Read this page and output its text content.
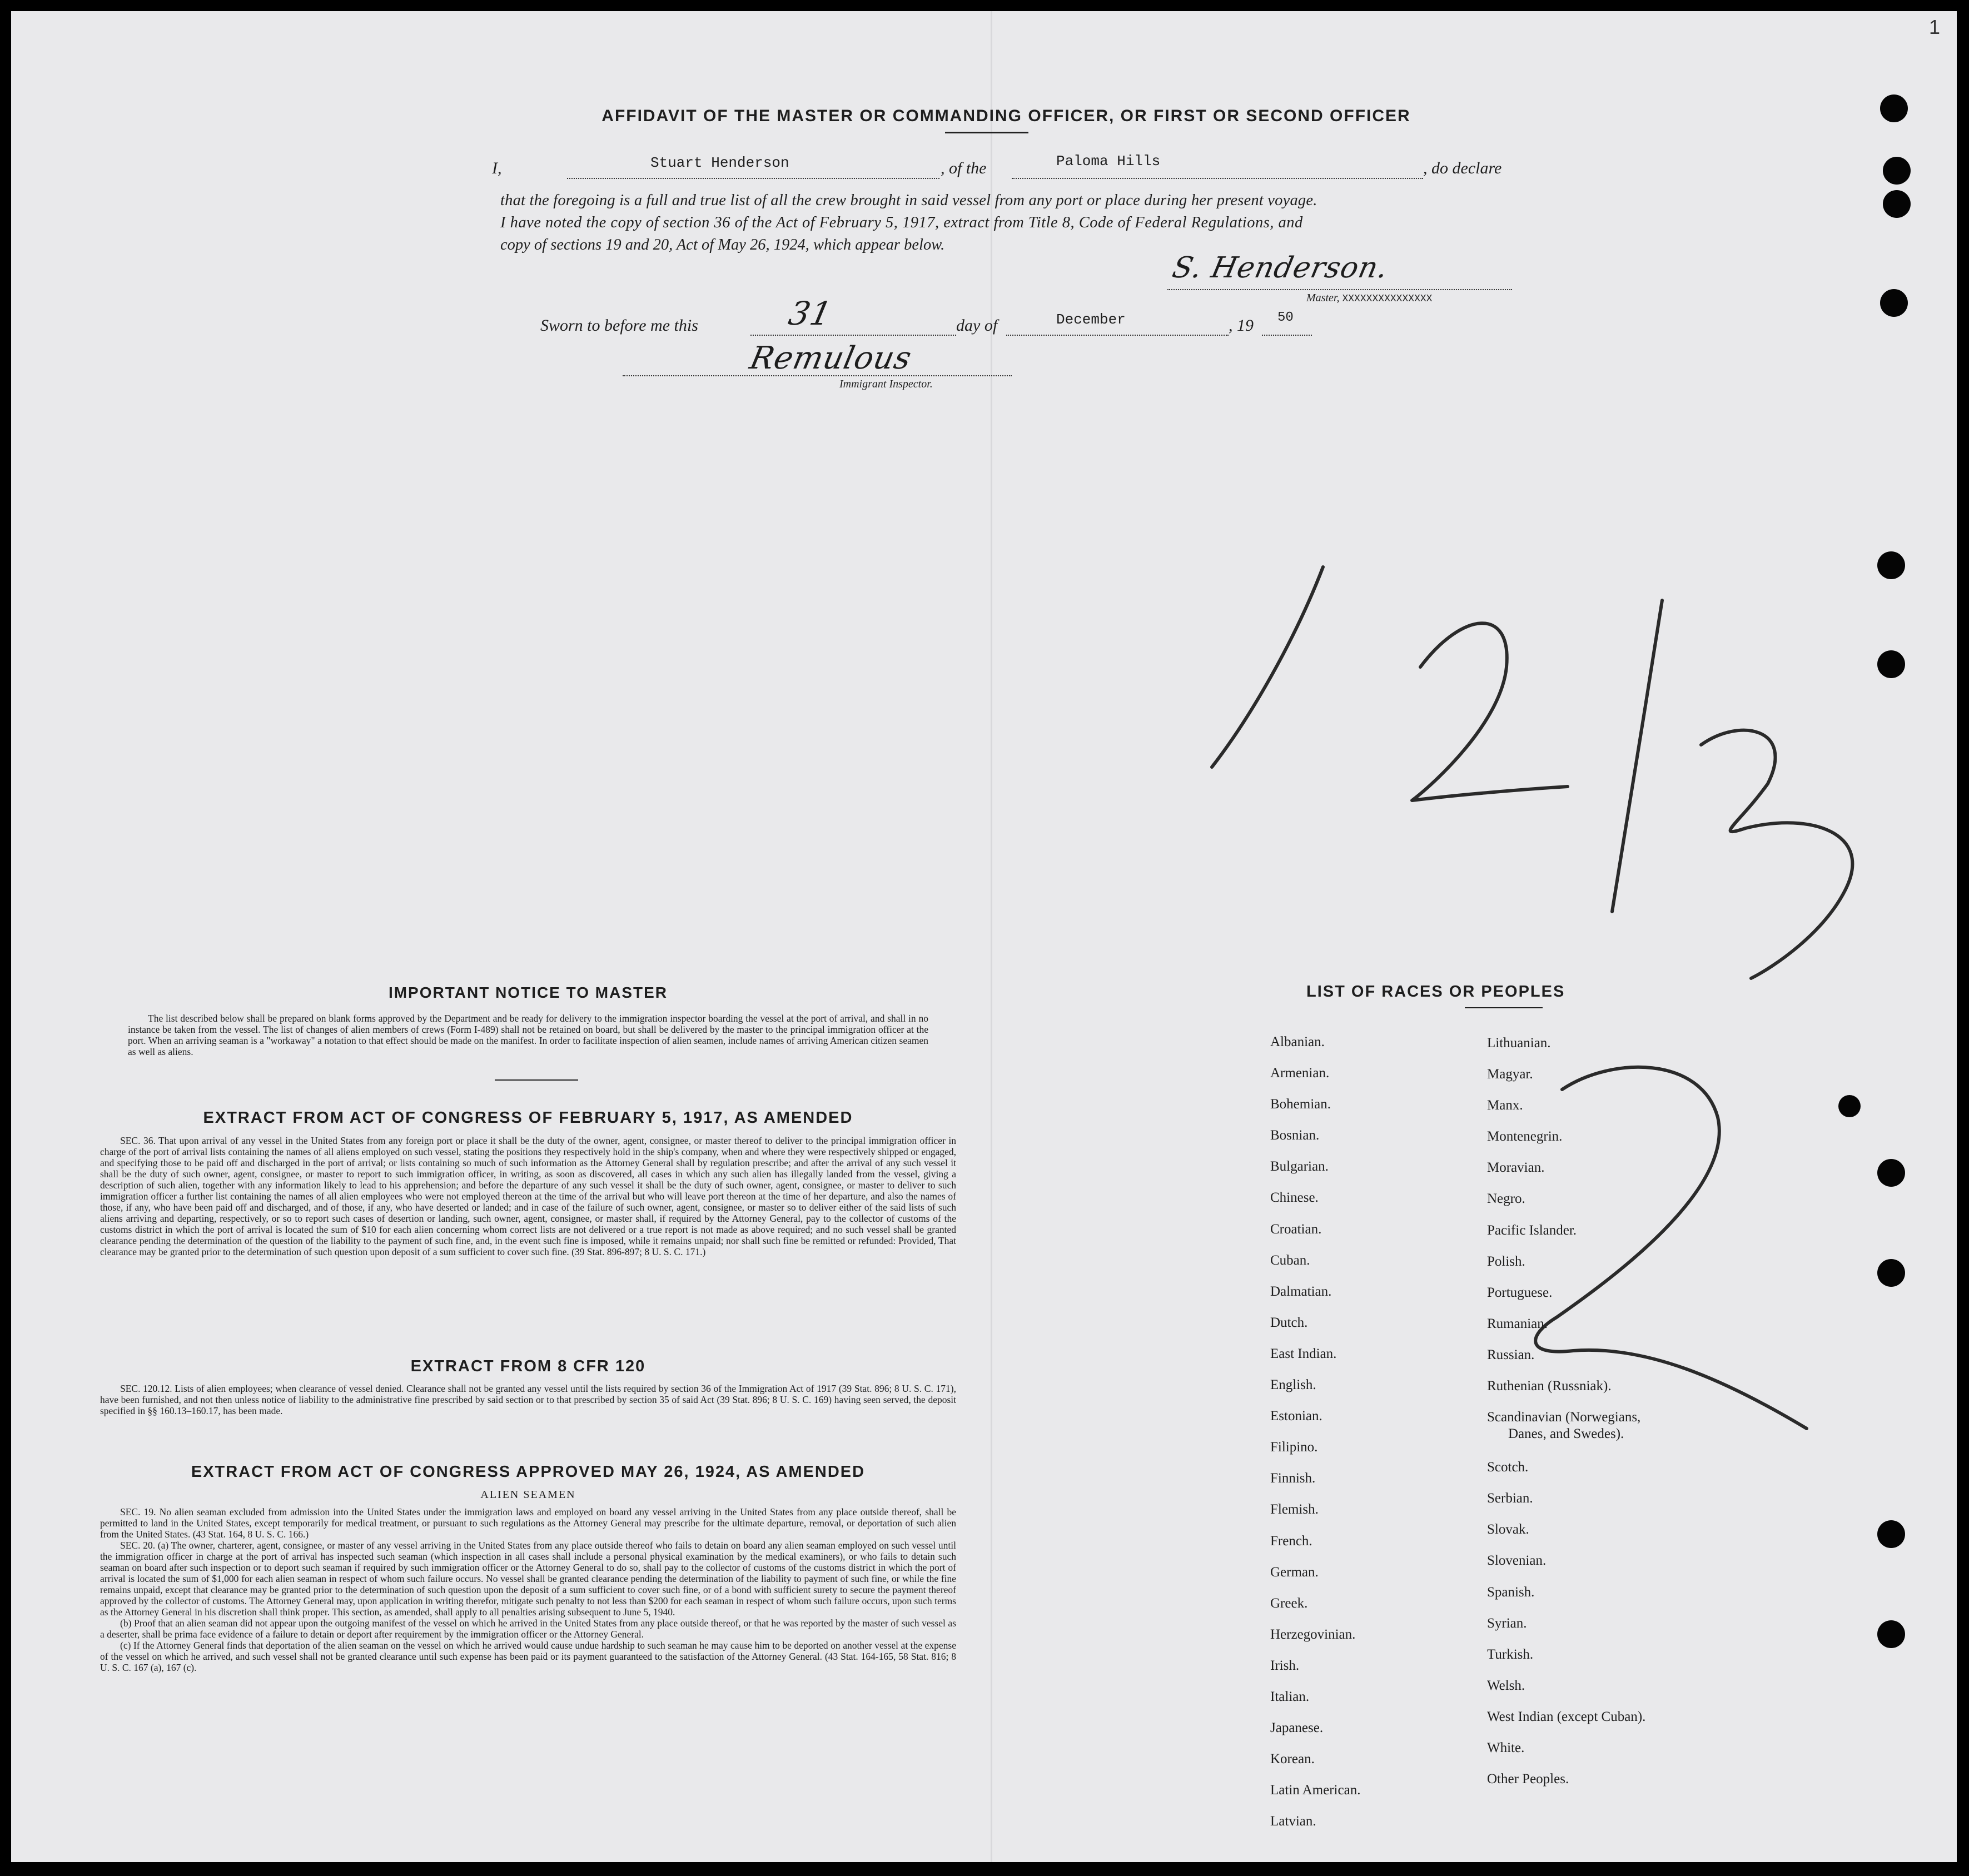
1
AFFIDAVIT OF THE MASTER OR COMMANDING OFFICER, OR FIRST OR SECOND OFFICER
I,	Stuart Henderson	, of the	Paloma Hills	, do declare
that the foregoing is a full and true list of all the crew brought in said vessel from any port or place during her present voyage.
I have noted the copy of section 36 of the Act of February 5, 1917, extract from Title 8, Code of Federal Regulations, and
copy of sections 19 and 20, Act of May 26, 1924, which appear below.
S. Henderson.
Master, XXXXXXXXXXXXXXX
Sworn to before me this	31	day of	December	, 19	50
Remulous
Immigrant Inspector.
IMPORTANT NOTICE TO MASTER

The list described below shall be prepared on blank forms approved by the Department and be ready for delivery to the immigration inspector boarding the vessel at the port of arrival, and shall in no instance be taken from the vessel. The list of changes of alien members of crews (Form I-489) shall not be retained on board, but shall be delivered by the master to the principal immigration officer at the port. When an arriving seaman is a "workaway" a notation to that effect should be made on the manifest. In order to facilitate inspection of alien seamen, include names of arriving American citizen seamen as well as aliens.

EXTRACT FROM ACT OF CONGRESS OF FEBRUARY 5, 1917, AS AMENDED

SEC. 36. That upon arrival of any vessel in the United States from any foreign port or place it shall be the duty of the owner, agent, consignee, or master thereof to deliver to the principal immigration officer in charge of the port of arrival lists containing the names of all aliens employed on such vessel, stating the positions they respectively hold in the ship's company, when and where they were respectively shipped or engaged, and specifying those to be paid off and discharged in the port of arrival; or lists containing so much of such information as the Attorney General shall by regulation prescribe; and after the arrival of any such vessel it shall be the duty of such owner, agent, consignee, or master to report to such immigration officer, in writing, as soon as discovered, all cases in which any such alien has illegally landed from the vessel, giving a description of such alien, together with any information likely to lead to his apprehension; and before the departure of any such vessel it shall be the duty of such owner, agent, consignee, or master to deliver to such immigration officer a further list containing the names of all alien employees who were not employed thereon at the time of the arrival but who will leave port thereon at the time of her departure, and also the names of those, if any, who have been paid off and discharged, and of those, if any, who have deserted or landed; and in case of the failure of such owner, agent, consignee, or master so to deliver either of the said lists of such aliens arriving and departing, respectively, or so to report such cases of desertion or landing, such owner, agent, consignee, or master shall, if required by the Attorney General, pay to the collector of customs of the customs district in which the port of arrival is located the sum of $10 for each alien concerning whom correct lists are not delivered or a true report is not made as above required; and no such vessel shall be granted clearance pending the determination of the question of the liability to the payment of such fine, and, in the event such fine is imposed, while it remains unpaid; nor shall such fine be remitted or refunded: Provided, That clearance may be granted prior to the determination of such question upon deposit of a sum sufficient to cover such fine. (39 Stat. 896-897; 8 U. S. C. 171.)

EXTRACT FROM 8 CFR 120

SEC. 120.12. Lists of alien employees; when clearance of vessel denied. Clearance shall not be granted any vessel until the lists required by section 36 of the Immigration Act of 1917 (39 Stat. 896; 8 U. S. C. 171), have been furnished, and not then unless notice of liability to the administrative fine prescribed by said section or to that prescribed by section 35 of said Act (39 Stat. 896; 8 U. S. C. 169) having seen served, the deposit specified in §§ 160.13–160.17, has been made.

EXTRACT FROM ACT OF CONGRESS APPROVED MAY 26, 1924, AS AMENDED
ALIEN SEAMEN

SEC. 19. No alien seaman excluded from admission into the United States under the immigration laws and employed on board any vessel arriving in the United States from any place outside thereof, shall be permitted to land in the United States, except temporarily for medical treatment, or pursuant to such regulations as the Attorney General may prescribe for the ultimate departure, removal, or deportation of such alien from the United States. (43 Stat. 164, 8 U. S. C. 166.)

SEC. 20. (a) The owner, charterer, agent, consignee, or master of any vessel arriving in the United States from any place outside thereof who fails to detain on board any alien seaman employed on such vessel until the immigration officer in charge at the port of arrival has inspected such seaman (which inspection in all cases shall include a personal physical examination by the medical examiners), or who fails to detain such seaman on board after such inspection or to deport such seaman if required by such immigration officer or the Attorney General to do so, shall pay to the collector of customs of the customs district in which the port of arrival is located the sum of $1,000 for each alien seaman in respect of whom such failure occurs. No vessel shall be granted clearance pending the determination of the liability to payment of such fine, or while the fine remains unpaid, except that clearance may be granted prior to the determination of such question upon the deposit of a sum sufficient to cover such fine, or of a bond with sufficient surety to secure the payment thereof approved by the collector of customs. The Attorney General may, upon application in writing therefor, mitigate such penalty to not less than $200 for each seaman in respect of whom such failure occurs, upon such terms as the Attorney General in his discretion shall think proper. This section, as amended, shall apply to all penalties arising subsequent to June 5, 1940.

(b) Proof that an alien seaman did not appear upon the outgoing manifest of the vessel on which he arrived in the United States from any place outside thereof, or that he was reported by the master of such vessel as a deserter, shall be prima face evidence of a failure to detain or deport after requirement by the immigration officer or the Attorney General.

(c) If the Attorney General finds that deportation of the alien seaman on the vessel on which he arrived would cause undue hardship to such seaman he may cause him to be deported on another vessel at the expense of the vessel on which he arrived, and such vessel shall not be granted clearance until such expense has been paid or its payment guaranteed to the satisfaction of the Attorney General. (43 Stat. 164-165, 58 Stat. 816; 8 U. S. C. 167 (a), 167 (c).

LIST OF RACES OR PEOPLES
Albanian.
Armenian.
Bohemian.
Bosnian.
Bulgarian.
Chinese.
Croatian.
Cuban.
Dalmatian.
Dutch.
East Indian.
English.
Estonian.
Filipino.
Finnish.
Flemish.
French.
German.
Greek.
Herzegovinian.
Irish.
Italian.
Japanese.
Korean.
Latin American.
Latvian.
Lithuanian.
Magyar.
Manx.
Montenegrin.
Moravian.
Negro.
Pacific Islander.
Polish.
Portuguese.
Rumanian.
Russian.
Ruthenian (Russniak).
Scandinavian (Norwegians,
Danes, and Swedes).
Scotch.
Serbian.
Slovak.
Slovenian.
Spanish.
Syrian.
Turkish.
Welsh.
West Indian (except Cuban).
White.
Other Peoples.
